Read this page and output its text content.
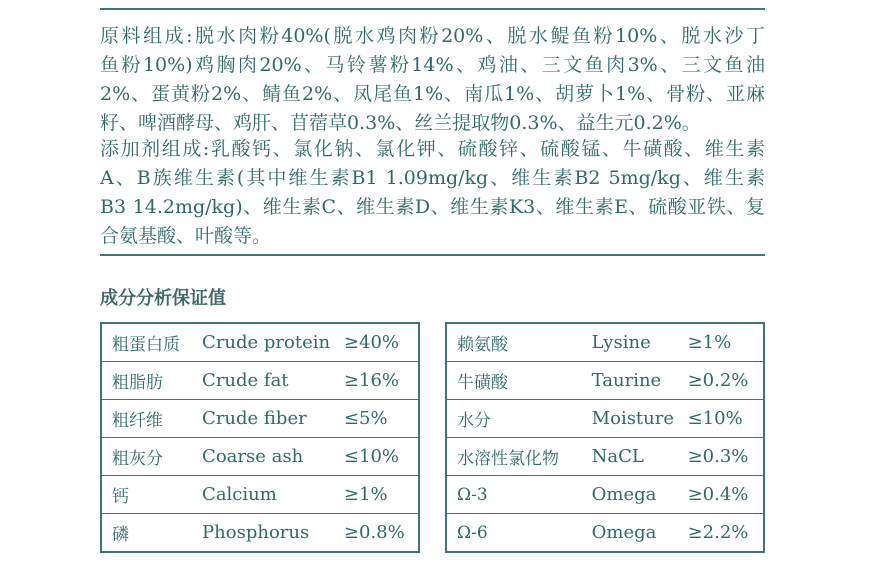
原料组成:脱水肉粉40%(脱水鸡肉粉20%、脱水鳀鱼粉10%、脱水沙丁
鱼粉10%)鸡胸肉20%、马铃薯粉14%、鸡油、三文鱼肉3%、三文鱼油
2%、蛋黄粉2%、鲭鱼2%、凤尾鱼1%、南瓜1%、胡萝卜1%、骨粉、亚麻
籽、啤酒酵母、鸡肝、苜蓿草0.3%、丝兰提取物0.3%、益生元0.2%。
添加剂组成:乳酸钙、氯化钠、氯化钾、硫酸锌、硫酸锰、牛磺酸、维生素
A、B族维生素(其中维生素B1 1.09mg/kg、维生素B2 5mg/kg、维生素
B3 14.2mg/kg)、维生素C、维生素D、维生素K3、维生素E、硫酸亚铁、复
合氨基酸、叶酸等。
成分分析保证值
粗蛋白质	Crude protein	≥40%
粗脂肪	Crude fat	≥16%
粗纤维	Crude fiber	≤5%
粗灰分	Coarse ash	≤10%
钙	Calcium	≥1%
磷	Phosphorus	≥0.8%
赖氨酸	Lysine	≥1%
牛磺酸	Taurine	≥0.2%
水分	Moisture	≤10%
水溶性氯化物	NaCL	≥0.3%
Ω-3	Omega	≥0.4%
Ω-6	Omega	≥2.2%
